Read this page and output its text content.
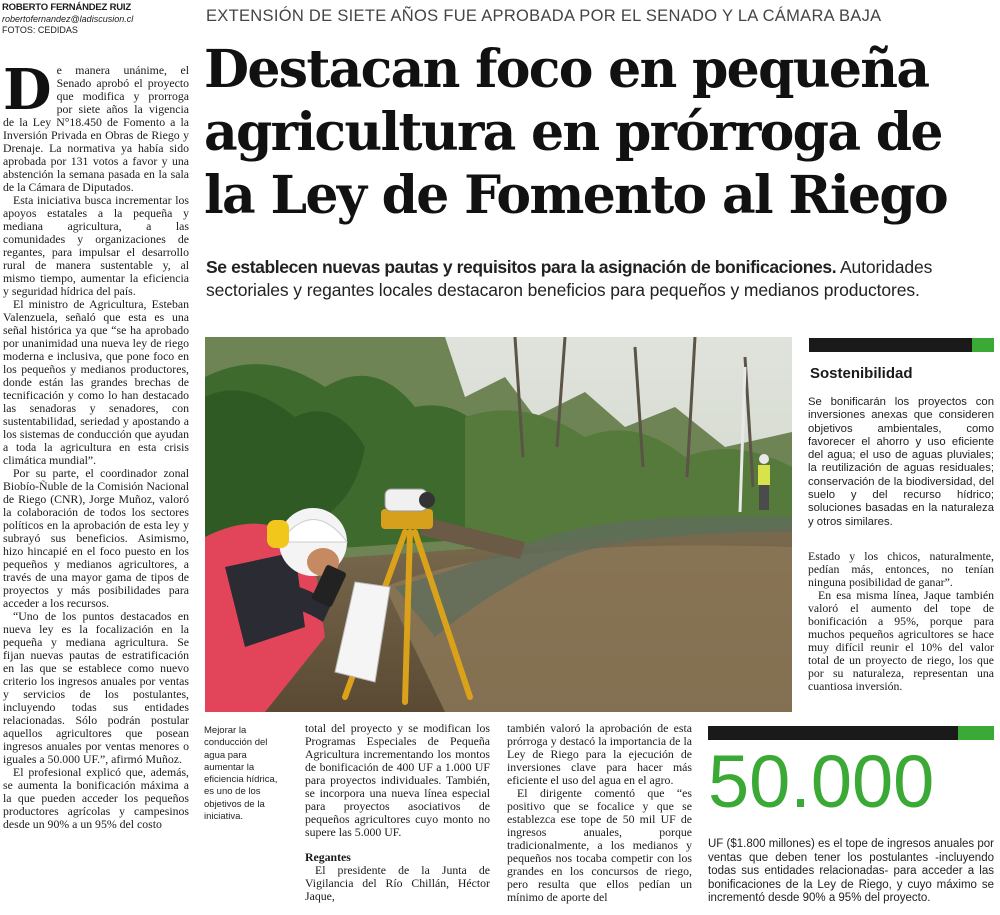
ROBERTO FERNÁNDEZ RUIZ
robertofernandez@ladiscusion.cl
FOTOS: CEDIDAS
EXTENSIÓN DE SIETE AÑOS FUE APROBADA POR EL SENADO Y LA CÁMARA BAJA
Destacan foco en pequeña agricultura en prórroga de la Ley de Fomento al Riego
Se establecen nuevas pautas y requisitos para la asignación de bonificaciones. Autoridades sectoriales y regantes locales destacaron beneficios para pequeños y medianos productores.

De manera unánime, el Senado aprobó el proyecto que modifica y prorroga por siete años la vigencia de la Ley N°18.450 de Fomento a la Inversión Privada en Obras de Riego y Drenaje. La normativa ya había sido aprobada por 131 votos a favor y una abstención la semana pasada en la sala de la Cámara de Diputados.

Esta iniciativa busca incrementar los apoyos estatales a la pequeña y mediana agricultura, a las comunidades y organizaciones de regantes, para impulsar el desarrollo rural de manera sustentable y, al mismo tiempo, aumentar la eficiencia y seguridad hídrica del país.

El ministro de Agricultura, Esteban Valenzuela, señaló que esta es una señal histórica ya que “se ha aprobado por unanimidad una nueva ley de riego moderna e inclusiva, que pone foco en los pequeños y medianos productores, donde están las grandes brechas de tecnificación y como lo han destacado las senadoras y senadores, con sustentabilidad, seriedad y apostando a los sistemas de conducción que ayudan a toda la agricultura en esta crisis climática mundial”.

Por su parte, el coordinador zonal Biobío-Ñuble de la Comisión Nacional de Riego (CNR), Jorge Muñoz, valoró la colaboración de todos los sectores políticos en la aprobación de esta ley y subrayó sus beneficios. Asimismo, hizo hincapié en el foco puesto en los pequeños y medianos agricultores, a través de una mayor gama de tipos de proyectos y más posibilidades para acceder a los recursos.

“Uno de los puntos destacados en nueva ley es la focalización en la pequeña y mediana agricultura. Se fijan nuevas pautas de estratificación en las que se establece como nuevo criterio los ingresos anuales por ventas y servicios de los postulantes, incluyendo todas sus entidades relacionadas. Sólo podrán postular aquellos agricultores que posean ingresos anuales por ventas menores o iguales a 50.000 UF.”, afirmó Muñoz.

El profesional explicó que, además, se aumenta la bonificación máxima a la que pueden acceder los pequeños productores agrícolas y campesinos desde un 90% a un 95% del costo

Mejorar la conducción del agua para aumentar la eficiencia hídrica, es uno de los objetivos de la iniciativa.

total del proyecto y se modifican los Programas Especiales de Pequeña Agricultura incrementando los montos de bonificación de 400 UF a 1.000 UF para proyectos individuales. También, se incorpora una nueva línea especial para proyectos asociativos de pequeños agricultores cuyo monto no supere las 5.000 UF.

Regantes

El presidente de la Junta de Vigilancia del Río Chillán, Héctor Jaque,

también valoró la aprobación de esta prórroga y destacó la importancia de la Ley de Riego para la ejecución de inversiones clave para hacer más eficiente el uso del agua en el agro.

El dirigente comentó que “es positivo que se focalice y que se establezca ese tope de 50 mil UF de ingresos anuales, porque tradicionalmente, a los medianos y pequeños nos tocaba competir con los grandes en los concursos de riego, pero resulta que ellos pedían un mínimo de aporte del

Sostenibilidad
Se bonificarán los proyectos con inversiones anexas que consideren objetivos ambientales, como favorecer el ahorro y uso eficiente del agua; el uso de aguas pluviales; la reutilización de aguas residuales; conservación de la biodiversidad, del suelo y del recurso hídrico; soluciones basadas en la naturaleza y otros similares.

Estado y los chicos, naturalmente, pedían más, entonces, no tenían ninguna posibilidad de ganar”.

En esa misma línea, Jaque también valoró el aumento del tope de bonificación a 95%, porque para muchos pequeños agricultores se hace muy difícil reunir el 10% del valor total de un proyecto de riego, los que por su naturaleza, representan una cuantiosa inversión.

50.000
UF ($1.800 millones) es el tope de ingresos anuales por ventas que deben tener los postulantes -incluyendo todas sus entidades relacionadas- para acceder a las bonificaciones de la Ley de Riego, y cuyo máximo se incrementó desde 90% a 95% del proyecto.
